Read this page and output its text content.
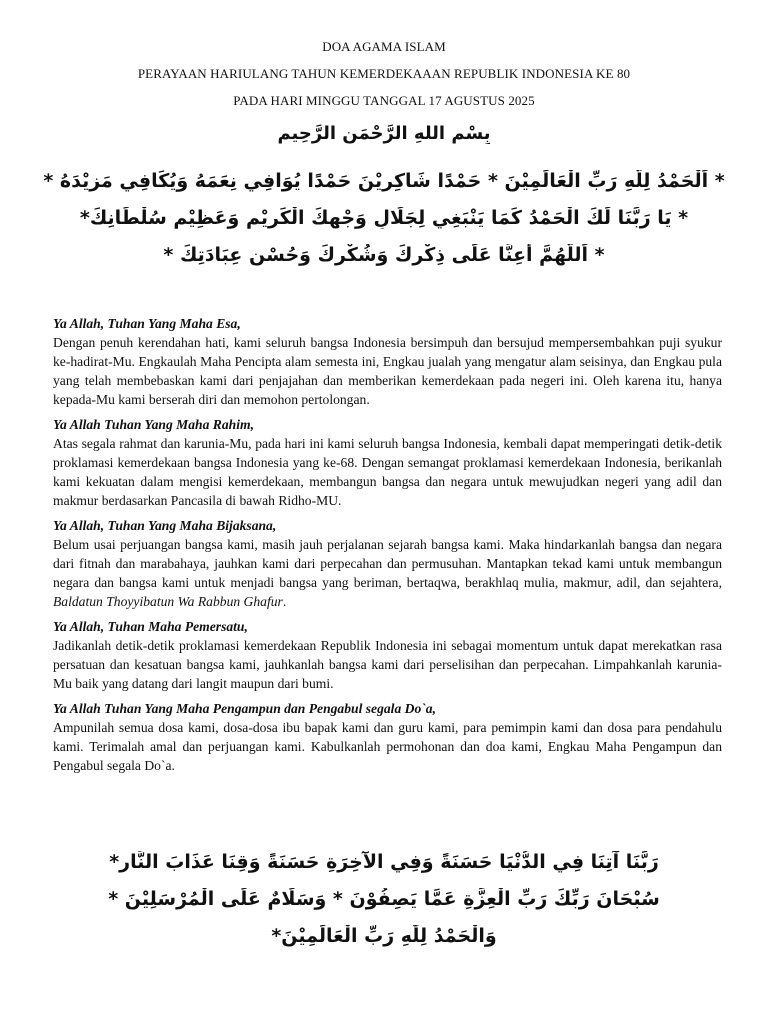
DOA AGAMA ISLAM
PERAYAAN HARIULANG TAHUN KEMERDEKAAAN REPUBLIK INDONESIA KE 80
PADA HARI MINGGU TANGGAL 17 AGUSTUS 2025
بِسْمِ اللهِ الرَّحْمَنِ الرَّحِيمِ
* اَلْحَمْدُ لِلَّهِ رَبِّ الْعَالَمِيْنَ * حَمْدًا شَاكِرِيْنَ حَمْدًا يُوَافِي نِعَمَهُ وَيُكَافِي مَزِيْدَهُ *
* يَا رَبَّنَا لَكَ الْحَمْدُ كَمَا يَنْبَغِي لِجَلَالِ وَجْهِكَ الْكَرِيْمِ وَعَظِيْمِ سُلْطَانِكَ*
* اَللَّهُمَّ أَعِنَّا عَلَى ذِكْرِكَ وَشُكْرِكَ وَحُسْنِ عِبَادَتِكَ *
Ya Allah, Tuhan Yang Maha Esa,
Dengan penuh kerendahan hati, kami seluruh bangsa Indonesia bersimpuh dan bersujud mempersembahkan puji syukur ke-hadirat-Mu. Engkaulah Maha Pencipta alam semesta ini, Engkau jualah yang mengatur alam seisinya, dan Engkau pula yang telah membebaskan kami dari penjajahan dan memberikan kemerdekaan pada negeri ini. Oleh karena itu, hanya kepada-Mu kami berserah diri dan memohon pertolongan.
Ya Allah Tuhan Yang Maha Rahim,
Atas segala rahmat dan karunia-Mu, pada hari ini kami seluruh bangsa Indonesia, kembali dapat memperingati detik-detik proklamasi kemerdekaan bangsa Indonesia yang ke-68. Dengan semangat proklamasi kemerdekaan Indonesia, berikanlah kami kekuatan dalam mengisi kemerdekaan, membangun bangsa dan negara untuk mewujudkan negeri yang adil dan makmur berdasarkan Pancasila di bawah Ridho-MU.
Ya Allah, Tuhan Yang Maha Bijaksana,
Belum usai perjuangan bangsa kami, masih jauh perjalanan sejarah bangsa kami. Maka hindarkanlah bangsa dan negara dari fitnah dan marabahaya, jauhkan kami dari perpecahan dan permusuhan. Mantapkan tekad kami untuk membangun negara dan bangsa kami untuk menjadi bangsa yang beriman, bertaqwa, berakhlaq mulia, makmur, adil, dan sejahtera, Baldatun Thoyyibatun Wa Rabbun Ghafur.
Ya Allah, Tuhan Maha Pemersatu,
Jadikanlah detik-detik proklamasi kemerdekaan Republik Indonesia ini sebagai momentum untuk dapat merekatkan rasa persatuan dan kesatuan bangsa kami, jauhkanlah bangsa kami dari perselisihan dan perpecahan. Limpahkanlah karunia-Mu baik yang datang dari langit maupun dari bumi.
Ya Allah Tuhan Yang Maha Pengampun dan Pengabul segala Do`a,
Ampunilah semua dosa kami, dosa-dosa ibu bapak kami dan guru kami, para pemimpin kami dan dosa para pendahulu kami. Terimalah amal dan perjuangan kami. Kabulkanlah permohonan dan doa kami, Engkau Maha Pengampun dan Pengabul segala Do`a.
رَبَّنَا آتِنَا فِي الدُّنْيَا حَسَنَةً وَفِي الآخِرَةِ حَسَنَةً وَقِنَا عَذَابَ النَّارِ*
سُبْحَانَ رَبِّكَ رَبِّ الْعِزَّةِ عَمَّا يَصِفُوْنَ * وَسَلَامٌ عَلَى الْمُرْسَلِيْنَ *
وَالْحَمْدُ لِلّٰهِ رَبِّ الْعَالَمِيْنَ*
